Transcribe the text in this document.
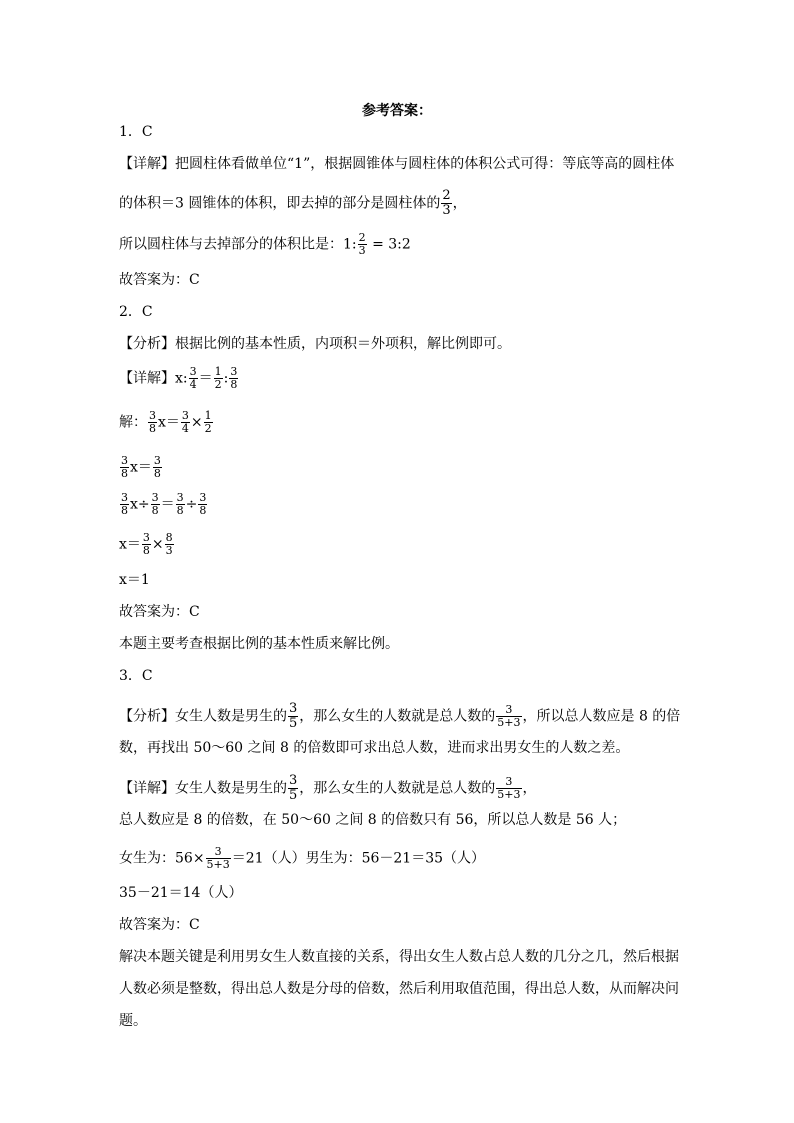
参考答案：
1．C
【详解】把圆柱体看做单位“1”，根据圆锥体与圆柱体的体积公式可得：等底等高的圆柱体
的体积＝3 圆锥体的体积，即去掉的部分是圆柱体的 $\frac{2}{3}$ ，
所以圆柱体与去掉部分的体积比是：1: $\frac{2}{3}$ = 3:2
故答案为：C
2．C
【分析】根据比例的基本性质，内项积＝外项积，解比例即可。
【详解】x: $\frac{3}{4} = \frac{1}{2}$ : $\frac{3}{8}$
解： $\frac{3}{8} x= \frac{3}{4} \times \frac{1}{2}$
$\frac{3}{8} x= \frac{3}{8}$
$\frac{3}{8} x\div \frac{3}{8} = \frac{3}{8} \div \frac{3}{8}$
$x= \frac{3}{8} \times \frac{8}{3}$
x＝1
故答案为：C
本题主要考查根据比例的基本性质来解比例。
3．C
【分析】女生人数是男生的 $\frac{3}{5}$ ，那么女生的人数就是总人数的 $\frac{3}{5+3}$ ，所以总人数应是 8 的倍
数，再找出 50～60 之间 8 的倍数即可求出总人数，进而求出男女生的人数之差。
【详解】女生人数是男生的 $\frac{3}{5}$ ，那么女生的人数就是总人数的 $\frac{3}{5+3}$ ，
总人数应是 8 的倍数，在 50～60 之间 8 的倍数只有 56，所以总人数是 56 人；
女生为：$56\times \frac{3}{5+3} =21$（人）男生为：56－21＝35（人）
35－21＝14（人）
故答案为：C
解决本题关键是利用男女生人数直接的关系，得出女生人数占总人数的几分之几，然后根据
人数必须是整数，得出总人数是分母的倍数，然后利用取值范围，得出总人数，从而解决问
题。
